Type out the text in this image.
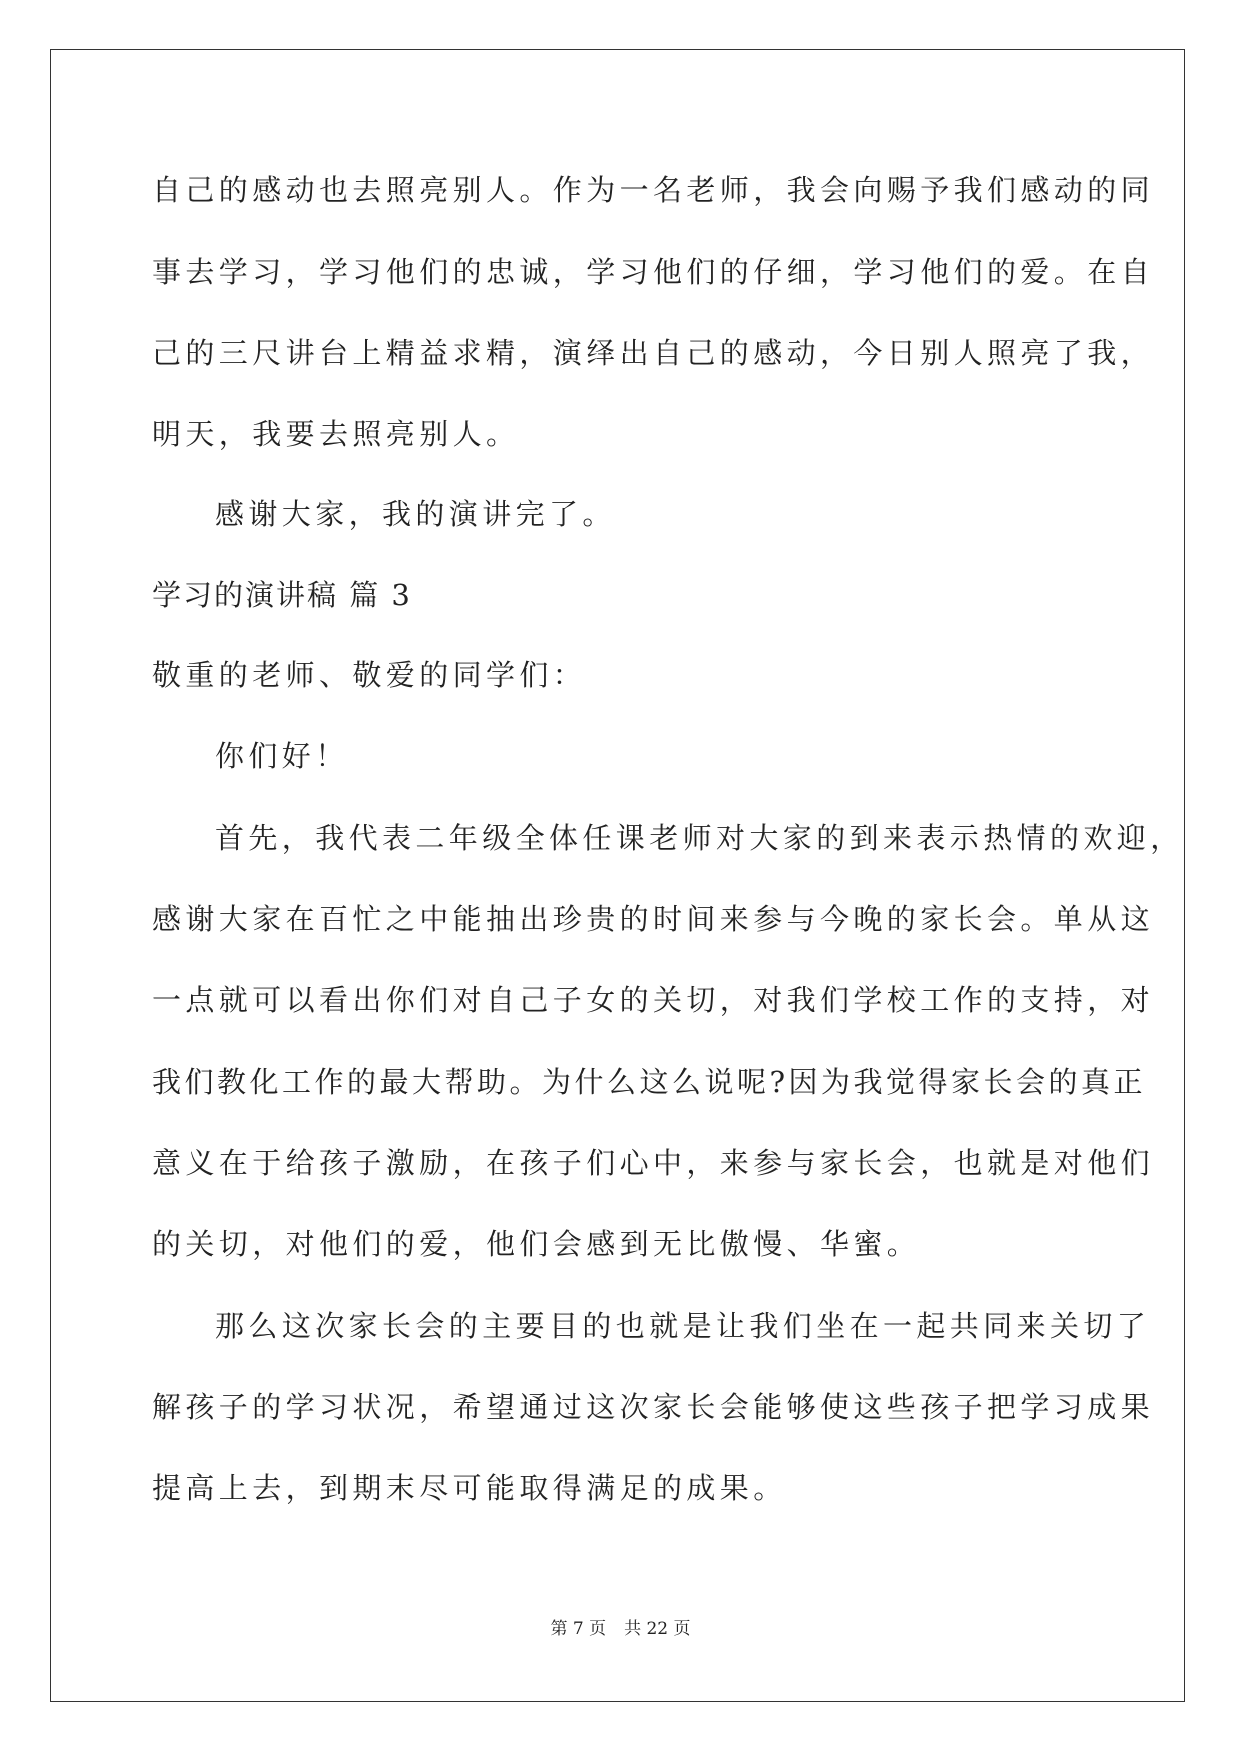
自己的感动也去照亮别人。作为一名老师，我会向赐予我们感动的同
事去学习，学习他们的忠诚，学习他们的仔细，学习他们的爱。在自
己的三尺讲台上精益求精，演绎出自己的感动，今日别人照亮了我，
明天，我要去照亮别人。
感谢大家，我的演讲完了。
学习的演讲稿 篇 3
敬重的老师、敬爱的同学们：
你们好！
首先，我代表二年级全体任课老师对大家的到来表示热情的欢迎，
感谢大家在百忙之中能抽出珍贵的时间来参与今晚的家长会。单从这
一点就可以看出你们对自己子女的关切，对我们学校工作的支持，对
我们教化工作的最大帮助。为什么这么说呢?因为我觉得家长会的真正
意义在于给孩子激励，在孩子们心中，来参与家长会，也就是对他们
的关切，对他们的爱，他们会感到无比傲慢、华蜜。
那么这次家长会的主要目的也就是让我们坐在一起共同来关切了
解孩子的学习状况，希望通过这次家长会能够使这些孩子把学习成果
提高上去，到期末尽可能取得满足的成果。
第 7 页 共 22 页
